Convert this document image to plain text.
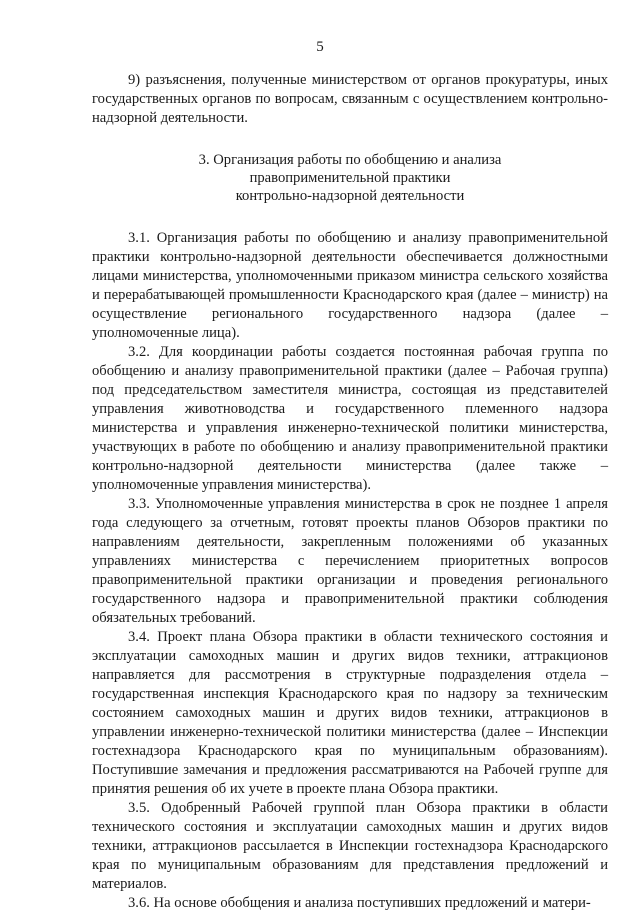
5

9) разъяснения, полученные министерством от органов прокуратуры, иных государственных органов по вопросам, связанным с осуществлением контрольно-надзорной деятельности.

3. Организация работы по обобщению и анализа
правоприменительной практики
контрольно-надзорной деятельности

3.1. Организация работы по обобщению и анализу правоприменительной практики контрольно-надзорной деятельности обеспечивается должностными лицами министерства, уполномоченными приказом министра сельского хозяйства и перерабатывающей промышленности Краснодарского края (далее – министр) на осуществление регионального государственного надзора (далее – уполномоченные лица).

3.2. Для координации работы создается постоянная рабочая группа по обобщению и анализу правоприменительной практики (далее – Рабочая группа) под председательством заместителя министра, состоящая из представителей управления животноводства и государственного племенного надзора министерства и управления инженерно-технической политики министерства, участвующих в работе по обобщению и анализу правоприменительной практики контрольно-надзорной деятельности министерства (далее также – уполномоченные управления министерства).

3.3. Уполномоченные управления министерства в срок не позднее 1 апреля года следующего за отчетным, готовят проекты планов Обзоров практики по направлениям деятельности, закрепленным положениями об указанных управлениях министерства с перечислением приоритетных вопросов правоприменительной практики организации и проведения регионального государственного надзора и правоприменительной практики соблюдения обязательных требований.

3.4. Проект плана Обзора практики в области технического состояния и эксплуатации самоходных машин и других видов техники, аттракционов направляется для рассмотрения в структурные подразделения отдела – государственная инспекция Краснодарского края по надзору за техническим состоянием самоходных машин и других видов техники, аттракционов в управлении инженерно-технической политики министерства (далее – Инспекции гостехнадзора Краснодарского края по муниципальным образованиям). Поступившие замечания и предложения рассматриваются на Рабочей группе для принятия решения об их учете в проекте плана Обзора практики.

3.5. Одобренный Рабочей группой план Обзора практики в области технического состояния и эксплуатации самоходных машин и других видов техники, аттракционов рассылается в Инспекции гостехнадзора Краснодарского края по муниципальным образованиям для представления предложений и материалов.

3.6. На основе обобщения и анализа поступивших предложений и матери-
